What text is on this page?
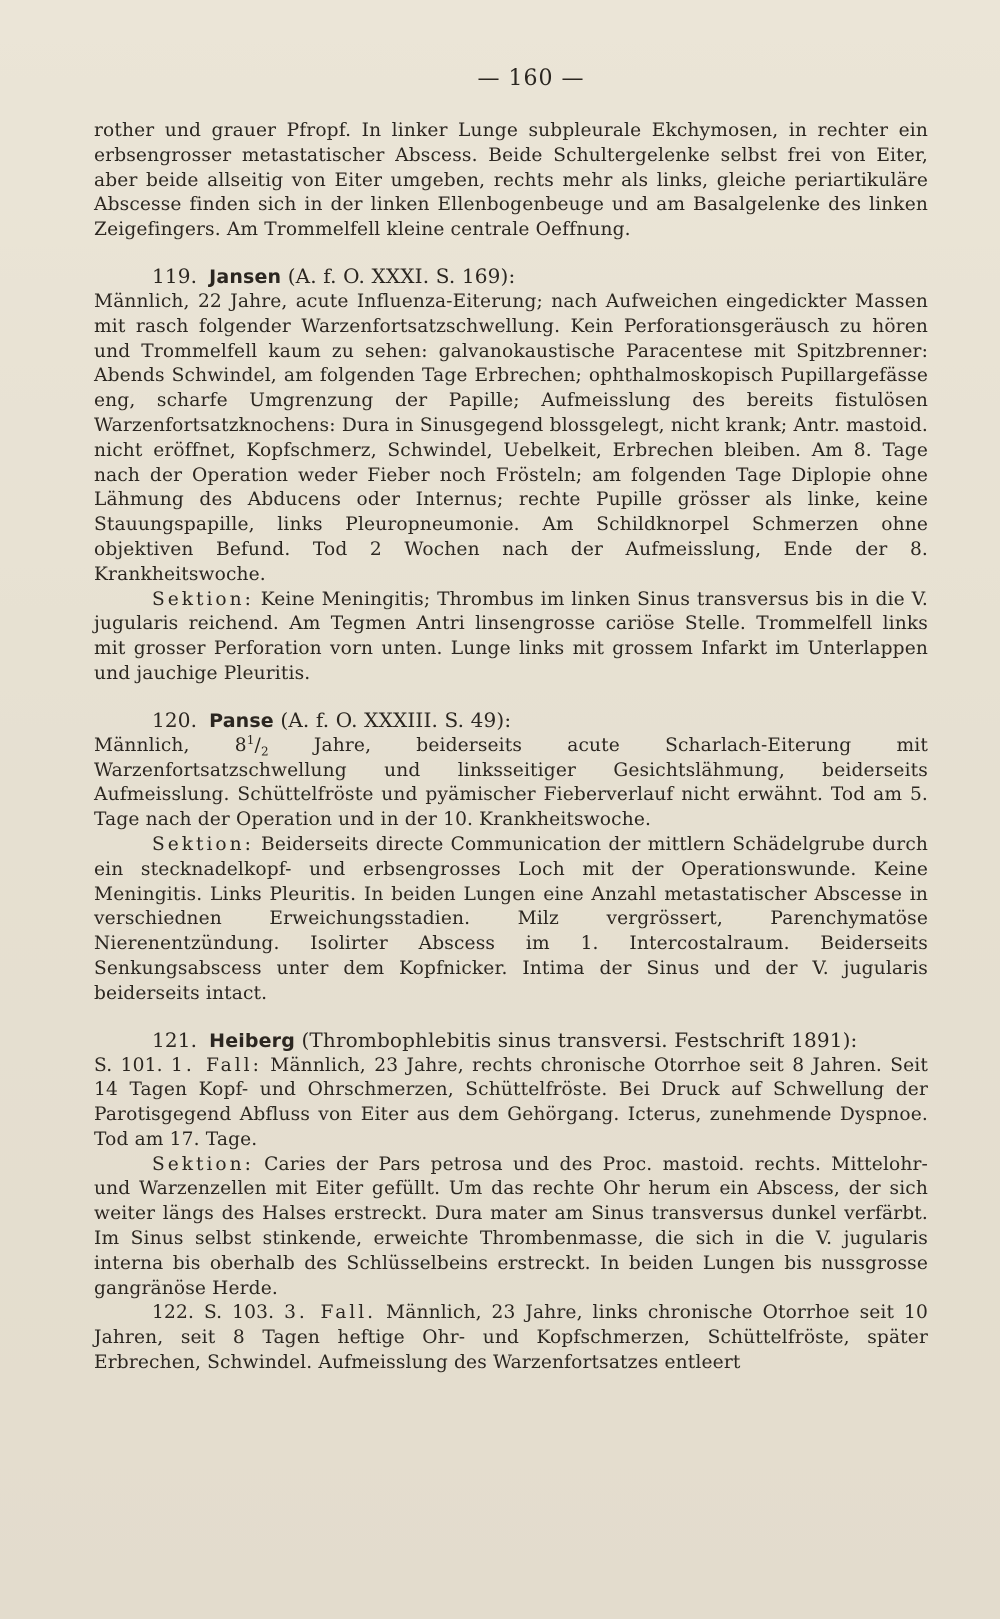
— 160 —

rother und grauer Pfropf. In linker Lunge subpleurale Ekchymosen, in rechter ein erbsengrosser metastatischer Abscess. Beide Schultergelenke selbst frei von Eiter, aber beide allseitig von Eiter umgeben, rechts mehr als links, gleiche periartikuläre Abscesse finden sich in der linken Ellenbogenbeuge und am Basalgelenke des linken Zeigefingers. Am Trommelfell kleine centrale Oeffnung.

119. Jansen (A. f. O. XXXI. S. 169):

Männlich, 22 Jahre, acute Influenza-Eiterung; nach Aufweichen eingedickter Massen mit rasch folgender Warzenfortsatzschwellung. Kein Perforationsgeräusch zu hören und Trommelfell kaum zu sehen: galvanokaustische Paracentese mit Spitzbrenner: Abends Schwindel, am folgenden Tage Erbrechen; ophthalmoskopisch Pupillargefässe eng, scharfe Umgrenzung der Papille; Aufmeisslung des bereits fistulösen Warzenfortsatzknochens: Dura in Sinusgegend blossgelegt, nicht krank; Antr. mastoid. nicht eröffnet, Kopfschmerz, Schwindel, Uebelkeit, Erbrechen bleiben. Am 8. Tage nach der Operation weder Fieber noch Frösteln; am folgenden Tage Diplopie ohne Lähmung des Abducens oder Internus; rechte Pupille grösser als linke, keine Stauungspapille, links Pleuropneumonie. Am Schildknorpel Schmerzen ohne objektiven Befund. Tod 2 Wochen nach der Aufmeisslung, Ende der 8. Krankheitswoche.

Sektion: Keine Meningitis; Thrombus im linken Sinus transversus bis in die V. jugularis reichend. Am Tegmen Antri linsengrosse cariöse Stelle. Trommelfell links mit grosser Perforation vorn unten. Lunge links mit grossem Infarkt im Unterlappen und jauchige Pleuritis.

120. Panse (A. f. O. XXXIII. S. 49):

Männlich, $8^1/_2$ Jahre, beiderseits acute Scharlach-Eiterung mit Warzenfortsatzschwellung und linksseitiger Gesichtslähmung, beiderseits Aufmeisslung. Schüttelfröste und pyämischer Fieberverlauf nicht erwähnt. Tod am 5. Tage nach der Operation und in der 10. Krankheitswoche.

Sektion: Beiderseits directe Communication der mittlern Schädelgrube durch ein stecknadelkopf- und erbsengrosses Loch mit der Operationswunde. Keine Meningitis. Links Pleuritis. In beiden Lungen eine Anzahl metastatischer Abscesse in verschiednen Erweichungsstadien. Milz vergrössert, Parenchymatöse Nierenentzündung. Isolirter Abscess im 1. Intercostalraum. Beiderseits Senkungsabscess unter dem Kopfnicker. Intima der Sinus und der V. jugularis beiderseits intact.

121. Heiberg (Thrombophlebitis sinus transversi. Festschrift 1891):

S. 101. 1. Fall: Männlich, 23 Jahre, rechts chronische Otorrhoe seit 8 Jahren. Seit 14 Tagen Kopf- und Ohrschmerzen, Schüttelfröste. Bei Druck auf Schwellung der Parotisgegend Abfluss von Eiter aus dem Gehörgang. Icterus, zunehmende Dyspnoe. Tod am 17. Tage.

Sektion: Caries der Pars petrosa und des Proc. mastoid. rechts. Mittelohr- und Warzenzellen mit Eiter gefüllt. Um das rechte Ohr herum ein Abscess, der sich weiter längs des Halses erstreckt. Dura mater am Sinus transversus dunkel verfärbt. Im Sinus selbst stinkende, erweichte Thrombenmasse, die sich in die V. jugularis interna bis oberhalb des Schlüsselbeins erstreckt. In beiden Lungen bis nussgrosse gangränöse Herde.

122. S. 103. 3. Fall. Männlich, 23 Jahre, links chronische Otorrhoe seit 10 Jahren, seit 8 Tagen heftige Ohr- und Kopfschmerzen, Schüttelfröste, später Erbrechen, Schwindel. Aufmeisslung des Warzenfortsatzes entleert
